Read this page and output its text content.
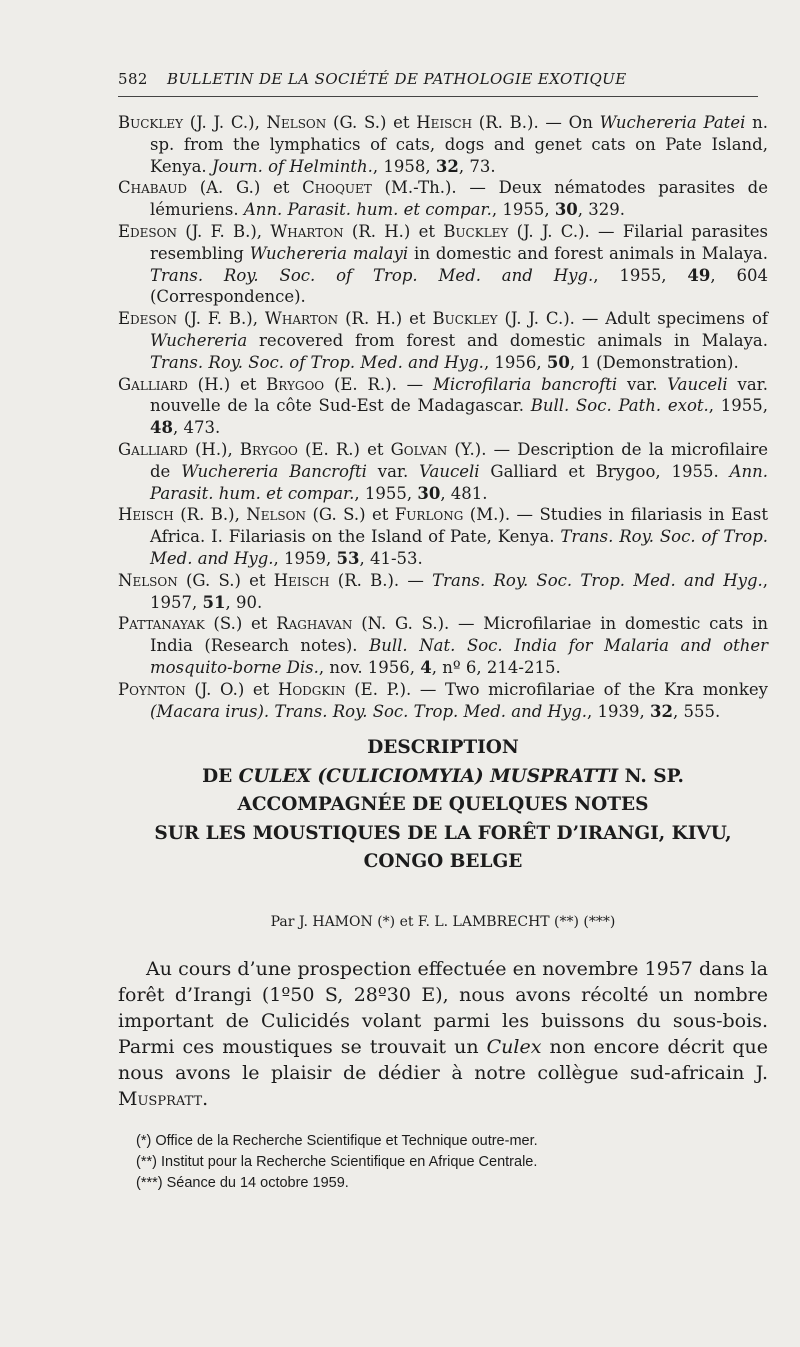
582 BULLETIN DE LA SOCIÉTÉ DE PATHOLOGIE EXOTIQUE

Buckley (J. J. C.), Nelson (G. S.) et Heisch (R. B.). — On Wuchereria Patei n. sp. from the lymphatics of cats, dogs and genet cats on Pate Island, Kenya. Journ. of Helminth., 1958, 32, 73.

Chabaud (A. G.) et Choquet (M.-Th.). — Deux nématodes parasites de lémuriens. Ann. Parasit. hum. et compar., 1955, 30, 329.

Edeson (J. F. B.), Wharton (R. H.) et Buckley (J. J. C.). — Filarial parasites resembling Wuchereria malayi in domestic and forest animals in Malaya. Trans. Roy. Soc. of Trop. Med. and Hyg., 1955, 49, 604 (Correspondence).

Edeson (J. F. B.), Wharton (R. H.) et Buckley (J. J. C.). — Adult specimens of Wuchereria recovered from forest and domestic animals in Malaya. Trans. Roy. Soc. of Trop. Med. and Hyg., 1956, 50, 1 (Demonstration).

Galliard (H.) et Brygoo (E. R.). — Microfilaria bancrofti var. Vauceli var. nouvelle de la côte Sud-Est de Madagascar. Bull. Soc. Path. exot., 1955, 48, 473.

Galliard (H.), Brygoo (E. R.) et Golvan (Y.). — Description de la microfilaire de Wuchereria Bancrofti var. Vauceli Galliard et Brygoo, 1955. Ann. Parasit. hum. et compar., 1955, 30, 481.

Heisch (R. B.), Nelson (G. S.) et Furlong (M.). — Studies in filariasis in East Africa. I. Filariasis on the Island of Pate, Kenya. Trans. Roy. Soc. of Trop. Med. and Hyg., 1959, 53, 41-53.

Nelson (G. S.) et Heisch (R. B.). — Trans. Roy. Soc. Trop. Med. and Hyg., 1957, 51, 90.

Pattanayak (S.) et Raghavan (N. G. S.). — Microfilariae in domestic cats in India (Research notes). Bull. Nat. Soc. India for Malaria and other mosquito-borne Dis., nov. 1956, 4, nº 6, 214-215.

Poynton (J. O.) et Hodgkin (E. P.). — Two microfilariae of the Kra monkey (Macara irus). Trans. Roy. Soc. Trop. Med. and Hyg., 1939, 32, 555.

DESCRIPTION
DE CULEX (CULICIOMYIA) MUSPRATTI N. SP.
ACCOMPAGNÉE DE QUELQUES NOTES
SUR LES MOUSTIQUES DE LA FORÊT D’IRANGI, KIVU,
CONGO BELGE
Par J. HAMON (*) et F. L. LAMBRECHT (**) (***)

Au cours d’une prospection effectuée en novembre 1957 dans la forêt d’Irangi (1º50 S, 28º30 E), nous avons récolté un nombre important de Culicidés volant parmi les buissons du sous-bois. Parmi ces moustiques se trouvait un Culex non encore décrit que nous avons le plaisir de dédier à notre collègue sud-africain J. Muspratt.

(*) Office de la Recherche Scientifique et Technique outre-mer.

(**) Institut pour la Recherche Scientifique en Afrique Centrale.

(***) Séance du 14 octobre 1959.
